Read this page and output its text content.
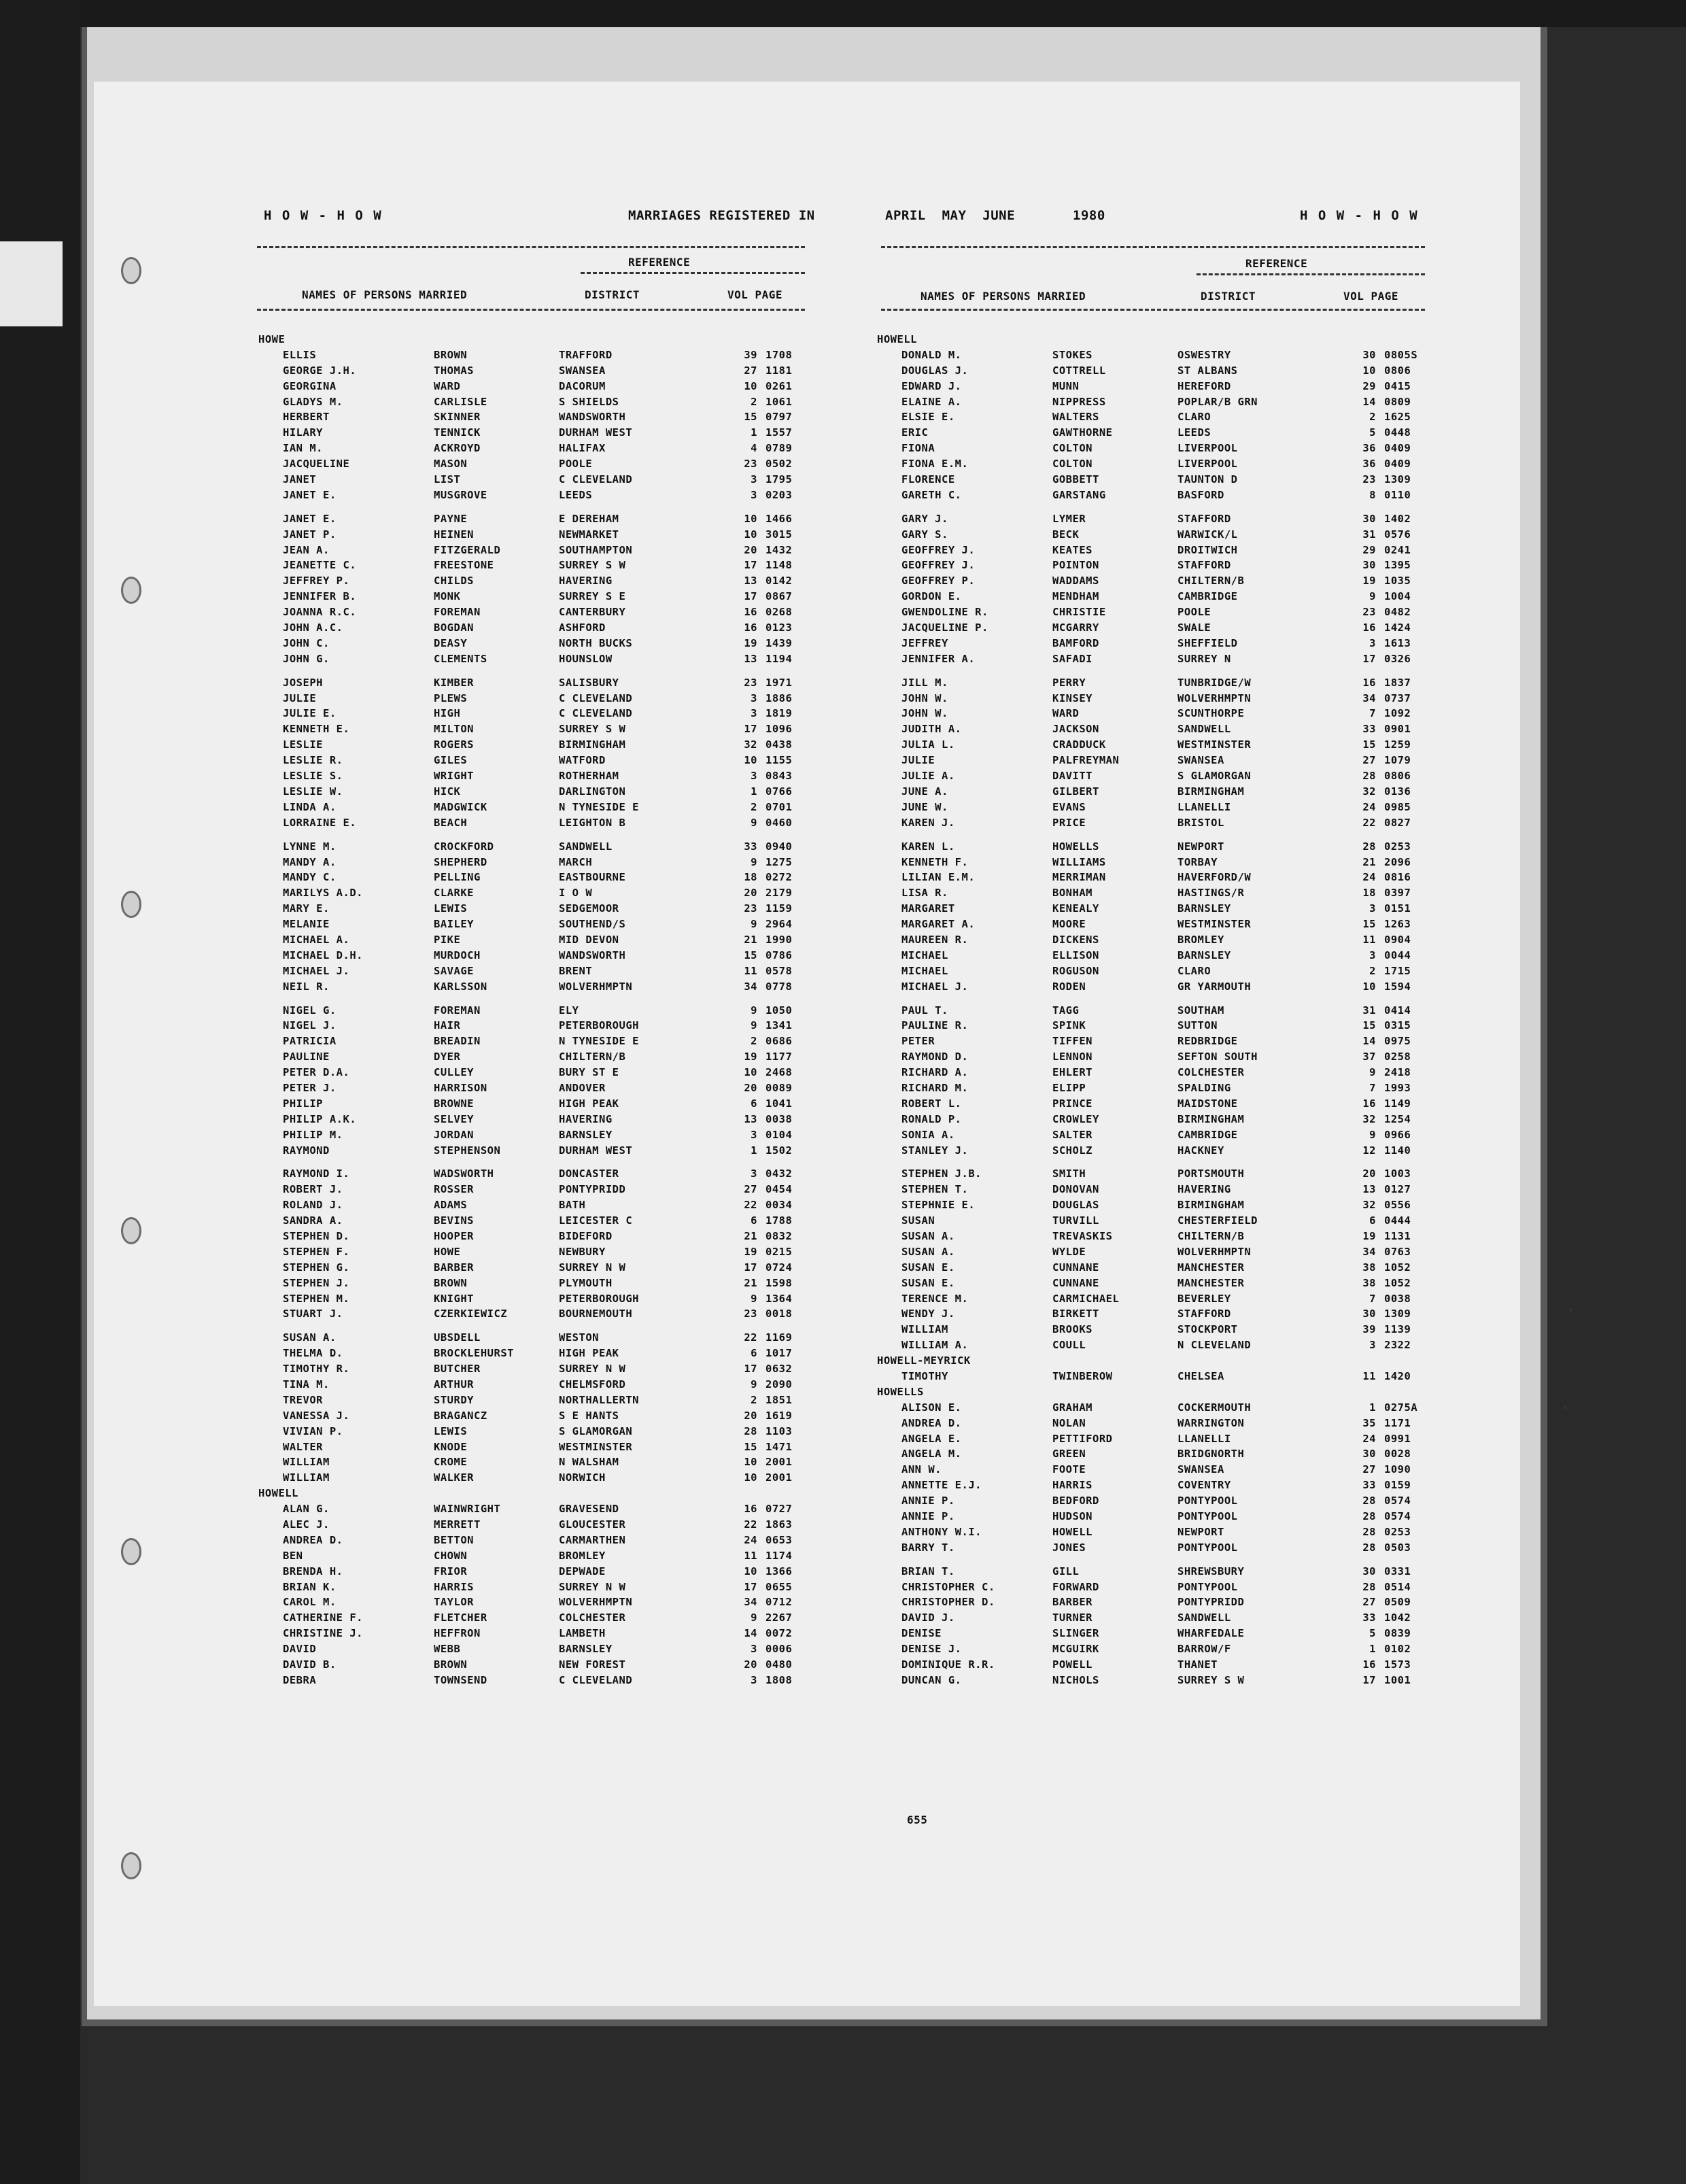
H O W - H O W	MARRIAGES REGISTERED IN	APRIL  MAY  JUNE	1980	H O W - H O W
REFERENCE
NAMES OF PERSONS MARRIED	DISTRICT	VOL PAGE
REFERENCE
NAMES OF PERSONS MARRIED	DISTRICT	VOL PAGE
HOWE
ELLIS	BROWN	TRAFFORD	39 1708
GEORGE J.H.	THOMAS	SWANSEA	27 1181
GEORGINA	WARD	DACORUM	10 0261
GLADYS M.	CARLISLE	S SHIELDS	2 1061
HERBERT	SKINNER	WANDSWORTH	15 0797
HILARY	TENNICK	DURHAM WEST	1 1557
IAN M.	ACKROYD	HALIFAX	4 0789
JACQUELINE	MASON	POOLE	23 0502
JANET	LIST	C CLEVELAND	3 1795
JANET E.	MUSGROVE	LEEDS	3 0203
JANET E.	PAYNE	E DEREHAM	10 1466
JANET P.	HEINEN	NEWMARKET	10 3015
JEAN A.	FITZGERALD	SOUTHAMPTON	20 1432
JEANETTE C.	FREESTONE	SURREY S W	17 1148
JEFFREY P.	CHILDS	HAVERING	13 0142
JENNIFER B.	MONK	SURREY S E	17 0867
JOANNA R.C.	FOREMAN	CANTERBURY	16 0268
JOHN A.C.	BOGDAN	ASHFORD	16 0123
JOHN C.	DEASY	NORTH BUCKS	19 1439
JOHN G.	CLEMENTS	HOUNSLOW	13 1194
JOSEPH	KIMBER	SALISBURY	23 1971
JULIE	PLEWS	C CLEVELAND	3 1886
JULIE E.	HIGH	C CLEVELAND	3 1819
KENNETH E.	MILTON	SURREY S W	17 1096
LESLIE	ROGERS	BIRMINGHAM	32 0438
LESLIE R.	GILES	WATFORD	10 1155
LESLIE S.	WRIGHT	ROTHERHAM	3 0843
LESLIE W.	HICK	DARLINGTON	1 0766
LINDA A.	MADGWICK	N TYNESIDE E	2 0701
LORRAINE E.	BEACH	LEIGHTON B	9 0460
LYNNE M.	CROCKFORD	SANDWELL	33 0940
MANDY A.	SHEPHERD	MARCH	9 1275
MANDY C.	PELLING	EASTBOURNE	18 0272
MARILYS A.D.	CLARKE	I O W	20 2179
MARY E.	LEWIS	SEDGEMOOR	23 1159
MELANIE	BAILEY	SOUTHEND/S	9 2964
MICHAEL A.	PIKE	MID DEVON	21 1990
MICHAEL D.H.	MURDOCH	WANDSWORTH	15 0786
MICHAEL J.	SAVAGE	BRENT	11 0578
NEIL R.	KARLSSON	WOLVERHMPTN	34 0778
NIGEL G.	FOREMAN	ELY	9 1050
NIGEL J.	HAIR	PETERBOROUGH	9 1341
PATRICIA	BREADIN	N TYNESIDE E	2 0686
PAULINE	DYER	CHILTERN/B	19 1177
PETER D.A.	CULLEY	BURY ST E	10 2468
PETER J.	HARRISON	ANDOVER	20 0089
PHILIP	BROWNE	HIGH PEAK	6 1041
PHILIP A.K.	SELVEY	HAVERING	13 0038
PHILIP M.	JORDAN	BARNSLEY	3 0104
RAYMOND	STEPHENSON	DURHAM WEST	1 1502
RAYMOND I.	WADSWORTH	DONCASTER	3 0432
ROBERT J.	ROSSER	PONTYPRIDD	27 0454
ROLAND J.	ADAMS	BATH	22 0034
SANDRA A.	BEVINS	LEICESTER C	6 1788
STEPHEN D.	HOOPER	BIDEFORD	21 0832
STEPHEN F.	HOWE	NEWBURY	19 0215
STEPHEN G.	BARBER	SURREY N W	17 0724
STEPHEN J.	BROWN	PLYMOUTH	21 1598
STEPHEN M.	KNIGHT	PETERBOROUGH	9 1364
STUART J.	CZERKIEWICZ	BOURNEMOUTH	23 0018
SUSAN A.	UBSDELL	WESTON	22 1169
THELMA D.	BROCKLEHURST	HIGH PEAK	6 1017
TIMOTHY R.	BUTCHER	SURREY N W	17 0632
TINA M.	ARTHUR	CHELMSFORD	9 2090
TREVOR	STURDY	NORTHALLERTN	2 1851
VANESSA J.	BRAGANCZ	S E HANTS	20 1619
VIVIAN P.	LEWIS	S GLAMORGAN	28 1103
WALTER	KNODE	WESTMINSTER	15 1471
WILLIAM	CROME	N WALSHAM	10 2001
WILLIAM	WALKER	NORWICH	10 2001
HOWELL
ALAN G.	WAINWRIGHT	GRAVESEND	16 0727
ALEC J.	MERRETT	GLOUCESTER	22 1863
ANDREA D.	BETTON	CARMARTHEN	24 0653
BEN	CHOWN	BROMLEY	11 1174
BRENDA H.	FRIOR	DEPWADE	10 1366
BRIAN K.	HARRIS	SURREY N W	17 0655
CAROL M.	TAYLOR	WOLVERHMPTN	34 0712
CATHERINE F.	FLETCHER	COLCHESTER	9 2267
CHRISTINE J.	HEFFRON	LAMBETH	14 0072
DAVID	WEBB	BARNSLEY	3 0006
DAVID B.	BROWN	NEW FOREST	20 0480
DEBRA	TOWNSEND	C CLEVELAND	3 1808
HOWELL
DONALD M.	STOKES	OSWESTRY	30 0805S
DOUGLAS J.	COTTRELL	ST ALBANS	10 0806
EDWARD J.	MUNN	HEREFORD	29 0415
ELAINE A.	NIPPRESS	POPLAR/B GRN	14 0809
ELSIE E.	WALTERS	CLARO	2 1625
ERIC	GAWTHORNE	LEEDS	5 0448
FIONA	COLTON	LIVERPOOL	36 0409
FIONA E.M.	COLTON	LIVERPOOL	36 0409
FLORENCE	GOBBETT	TAUNTON D	23 1309
GARETH C.	GARSTANG	BASFORD	8 0110
GARY J.	LYMER	STAFFORD	30 1402
GARY S.	BECK	WARWICK/L	31 0576
GEOFFREY J.	KEATES	DROITWICH	29 0241
GEOFFREY J.	POINTON	STAFFORD	30 1395
GEOFFREY P.	WADDAMS	CHILTERN/B	19 1035
GORDON E.	MENDHAM	CAMBRIDGE	9 1004
GWENDOLINE R.	CHRISTIE	POOLE	23 0482
JACQUELINE P.	MCGARRY	SWALE	16 1424
JEFFREY	BAMFORD	SHEFFIELD	3 1613
JENNIFER A.	SAFADI	SURREY N	17 0326
JILL M.	PERRY	TUNBRIDGE/W	16 1837
JOHN W.	KINSEY	WOLVERHMPTN	34 0737
JOHN W.	WARD	SCUNTHORPE	7 1092
JUDITH A.	JACKSON	SANDWELL	33 0901
JULIA L.	CRADDUCK	WESTMINSTER	15 1259
JULIE	PALFREYMAN	SWANSEA	27 1079
JULIE A.	DAVITT	S GLAMORGAN	28 0806
JUNE A.	GILBERT	BIRMINGHAM	32 0136
JUNE W.	EVANS	LLANELLI	24 0985
KAREN J.	PRICE	BRISTOL	22 0827
KAREN L.	HOWELLS	NEWPORT	28 0253
KENNETH F.	WILLIAMS	TORBAY	21 2096
LILIAN E.M.	MERRIMAN	HAVERFORD/W	24 0816
LISA R.	BONHAM	HASTINGS/R	18 0397
MARGARET	KENEALY	BARNSLEY	3 0151
MARGARET A.	MOORE	WESTMINSTER	15 1263
MAUREEN R.	DICKENS	BROMLEY	11 0904
MICHAEL	ELLISON	BARNSLEY	3 0044
MICHAEL	ROGUSON	CLARO	2 1715
MICHAEL J.	RODEN	GR YARMOUTH	10 1594
PAUL T.	TAGG	SOUTHAM	31 0414
PAULINE R.	SPINK	SUTTON	15 0315
PETER	TIFFEN	REDBRIDGE	14 0975
RAYMOND D.	LENNON	SEFTON SOUTH	37 0258
RICHARD A.	EHLERT	COLCHESTER	9 2418
RICHARD M.	ELIPP	SPALDING	7 1993
ROBERT L.	PRINCE	MAIDSTONE	16 1149
RONALD P.	CROWLEY	BIRMINGHAM	32 1254
SONIA A.	SALTER	CAMBRIDGE	9 0966
STANLEY J.	SCHOLZ	HACKNEY	12 1140
STEPHEN J.B.	SMITH	PORTSMOUTH	20 1003
STEPHEN T.	DONOVAN	HAVERING	13 0127
STEPHNIE E.	DOUGLAS	BIRMINGHAM	32 0556
SUSAN	TURVILL	CHESTERFIELD	6 0444
SUSAN A.	TREVASKIS	CHILTERN/B	19 1131
SUSAN A.	WYLDE	WOLVERHMPTN	34 0763
SUSAN E.	CUNNANE	MANCHESTER	38 1052
SUSAN E.	CUNNANE	MANCHESTER	38 1052
TERENCE M.	CARMICHAEL	BEVERLEY	7 0038
WENDY J.	BIRKETT	STAFFORD	30 1309
WILLIAM	BROOKS	STOCKPORT	39 1139
WILLIAM A.	COULL	N CLEVELAND	3 2322
HOWELL-MEYRICK
TIMOTHY	TWINBEROW	CHELSEA	11 1420
HOWELLS
ALISON E.	GRAHAM	COCKERMOUTH	1 0275A
ANDREA D.	NOLAN	WARRINGTON	35 1171
ANGELA E.	PETTIFORD	LLANELLI	24 0991
ANGELA M.	GREEN	BRIDGNORTH	30 0028
ANN W.	FOOTE	SWANSEA	27 1090
ANNETTE E.J.	HARRIS	COVENTRY	33 0159
ANNIE P.	BEDFORD	PONTYPOOL	28 0574
ANNIE P.	HUDSON	PONTYPOOL	28 0574
ANTHONY W.I.	HOWELL	NEWPORT	28 0253
BARRY T.	JONES	PONTYPOOL	28 0503
BRIAN T.	GILL	SHREWSBURY	30 0331
CHRISTOPHER C.	FORWARD	PONTYPOOL	28 0514
CHRISTOPHER D.	BARBER	PONTYPRIDD	27 0509
DAVID J.	TURNER	SANDWELL	33 1042
DENISE	SLINGER	WHARFEDALE	5 0839
DENISE J.	MCGUIRK	BARROW/F	1 0102
DOMINIQUE R.R.	POWELL	THANET	16 1573
DUNCAN G.	NICHOLS	SURREY S W	17 1001
655
